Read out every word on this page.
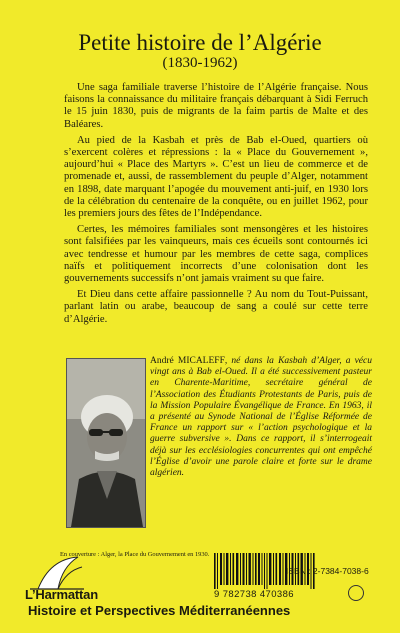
Petite histoire de l’Algérie
(1830-1962)

Une saga familiale traverse l’histoire de l’Algérie française. Nous faisons la connaissance du militaire français débarquant à Sidi Ferruch le 15 juin 1830, puis de migrants de la faim partis de Malte et des Baléares.

Au pied de la Kasbah et près de Bab el-Oued, quartiers où s’exercent colères et répressions : la « Place du Gouvernement », aujourd’hui « Place des Martyrs ». C’est un lieu de commerce et de promenade et, aussi, de rassemblement du peuple d’Alger, notamment en 1898, date marquant l’apogée du mouvement anti-juif, en 1930 lors de la célébration du centenaire de la conquête, ou en juillet 1962, pour les premiers jours des fêtes de l’Indépendance.

Certes, les mémoires familiales sont mensongères et les histoires sont falsifiées par les vainqueurs, mais ces écueils sont contournés ici avec tendresse et humour par les membres de cette saga, complices naïfs et politiquement incorrects d’une colonisation dont les gouvernements successifs n’ont jamais vraiment su que faire.

Et Dieu dans cette affaire passionnelle ? Au nom du Tout-Puissant, parlant latin ou arabe, beaucoup de sang a coulé sur cette terre d’Algérie.

André MICALEFF, né dans la Kasbah d’Alger, a vécu vingt ans à Bab el-Oued. Il a été successivement pasteur en Charente-Maritime, secrétaire général de l’Association des Étudiants Protestants de Paris, puis de la Mission Populaire Évangélique de France. En 1963, il a présenté au Synode National de l’Église Réformée de France un rapport sur « l’action psychologique et la guerre subversive ». Dans ce rapport, il s’interrogeait déjà sur les ecclésiologies concurrentes qui ont empêché l’Église d’avoir une parole claire et forte sur le drame algérien.
En couverture : Alger, la Place du Gouvernement en 1930.
L’Harmattan
Histoire et Perspectives Méditerranéennes
ISBN : 2-7384-7038-6
9 782738 470386
